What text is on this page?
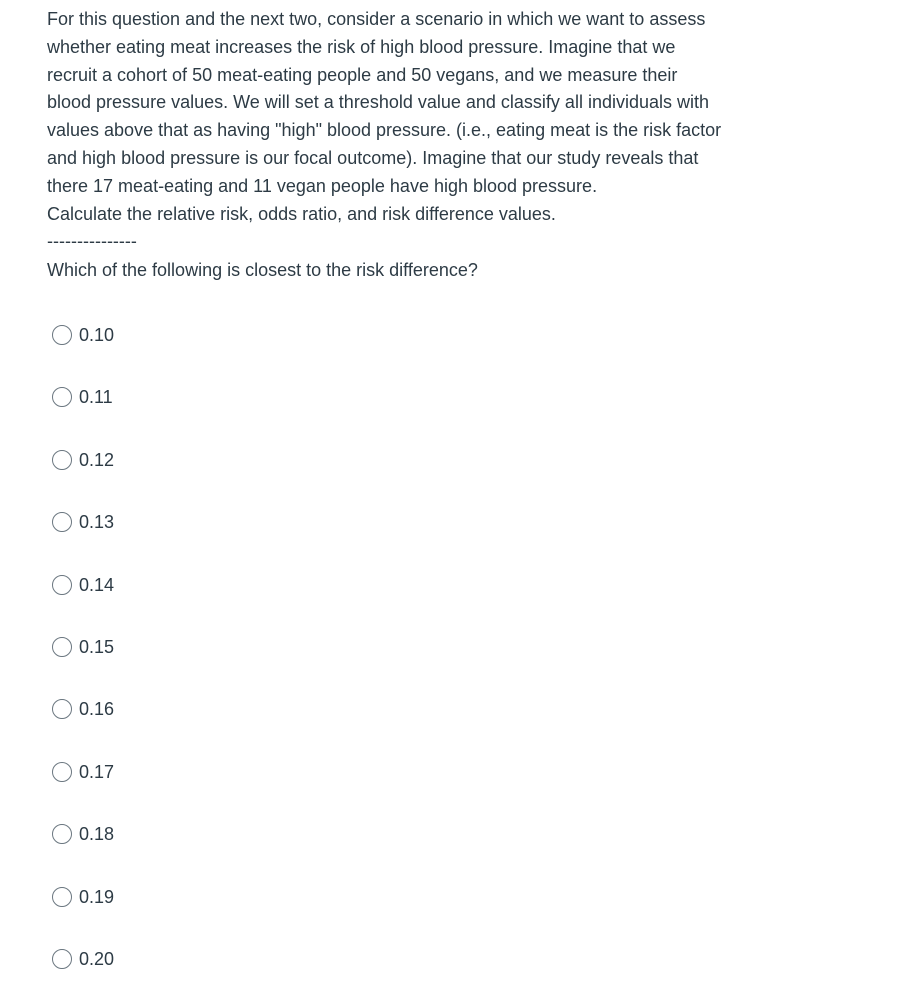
For this question and the next two, consider a scenario in which we want to assess

whether eating meat increases the risk of high blood pressure. Imagine that we

recruit a cohort of 50 meat-eating people and 50 vegans, and we measure their

blood pressure values. We will set a threshold value and classify all individuals with

values above that as having "high" blood pressure. (i.e., eating meat is the risk factor

and high blood pressure is our focal outcome). Imagine that our study reveals that

there 17 meat-eating and 11 vegan people have high blood pressure.

Calculate the relative risk, odds ratio, and risk difference values.

---------------

Which of the following is closest to the risk difference?

0.10
0.11
0.12
0.13
0.14
0.15
0.16
0.17
0.18
0.19
0.20
